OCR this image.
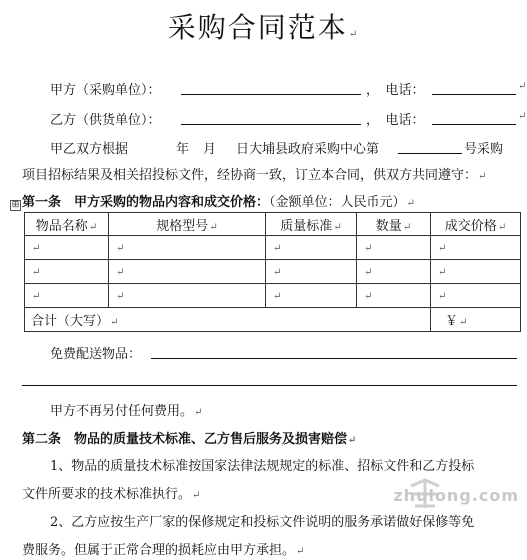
采购合同范本↵
甲方（采购单位）：	，　电话：	↵
乙方（供货单位）：	，　电话：	↵
甲乙双方根据	年 月 日大埔县政府采购中心第	号采购
项目招标结果及相关招投标文件，经协商一致，订立本合同，供双方共同遵守：↵
⊞ 第一条　甲方采购的物品内容和成交价格：（金额单位：人民币元）↵
物品名称↵	规格型号↵	质量标准↵	数量↵	成交价格↵
↵	↵	↵	↵	↵
↵	↵	↵	↵	↵
↵	↵	↵	↵	↵
合计（大写）↵				￥↵
免费配送物品：
甲方不再另付任何费用。↵
第二条　物品的质量技术标准、乙方售后服务及损害赔偿↵
1、物品的质量技术标准按国家法律法规规定的标准、招标文件和乙方投标
文件所要求的技术标准执行。↵
2、乙方应按生产厂家的保修规定和投标文件说明的服务承诺做好保修等免
费服务。但属于正常合理的损耗应由甲方承担。↵
zhulong.com
